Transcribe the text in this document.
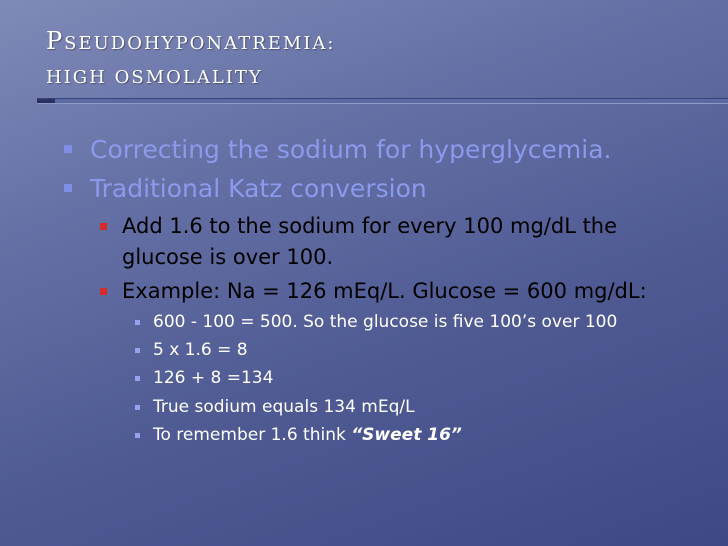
PSEUDOHYPONATREMIA:
HIGH OSMOLALITY
Correcting the sodium for hyperglycemia.
Traditional Katz conversion
Add 1.6 to the sodium for every 100 mg/dL the
glucose is over 100.
Example: Na = 126 mEq/L. Glucose = 600 mg/dL:
600 - 100 = 500. So the glucose is five 100’s over 100
5 x 1.6 = 8
126 + 8 =134
True sodium equals 134 mEq/L
To remember 1.6 think “Sweet 16”
